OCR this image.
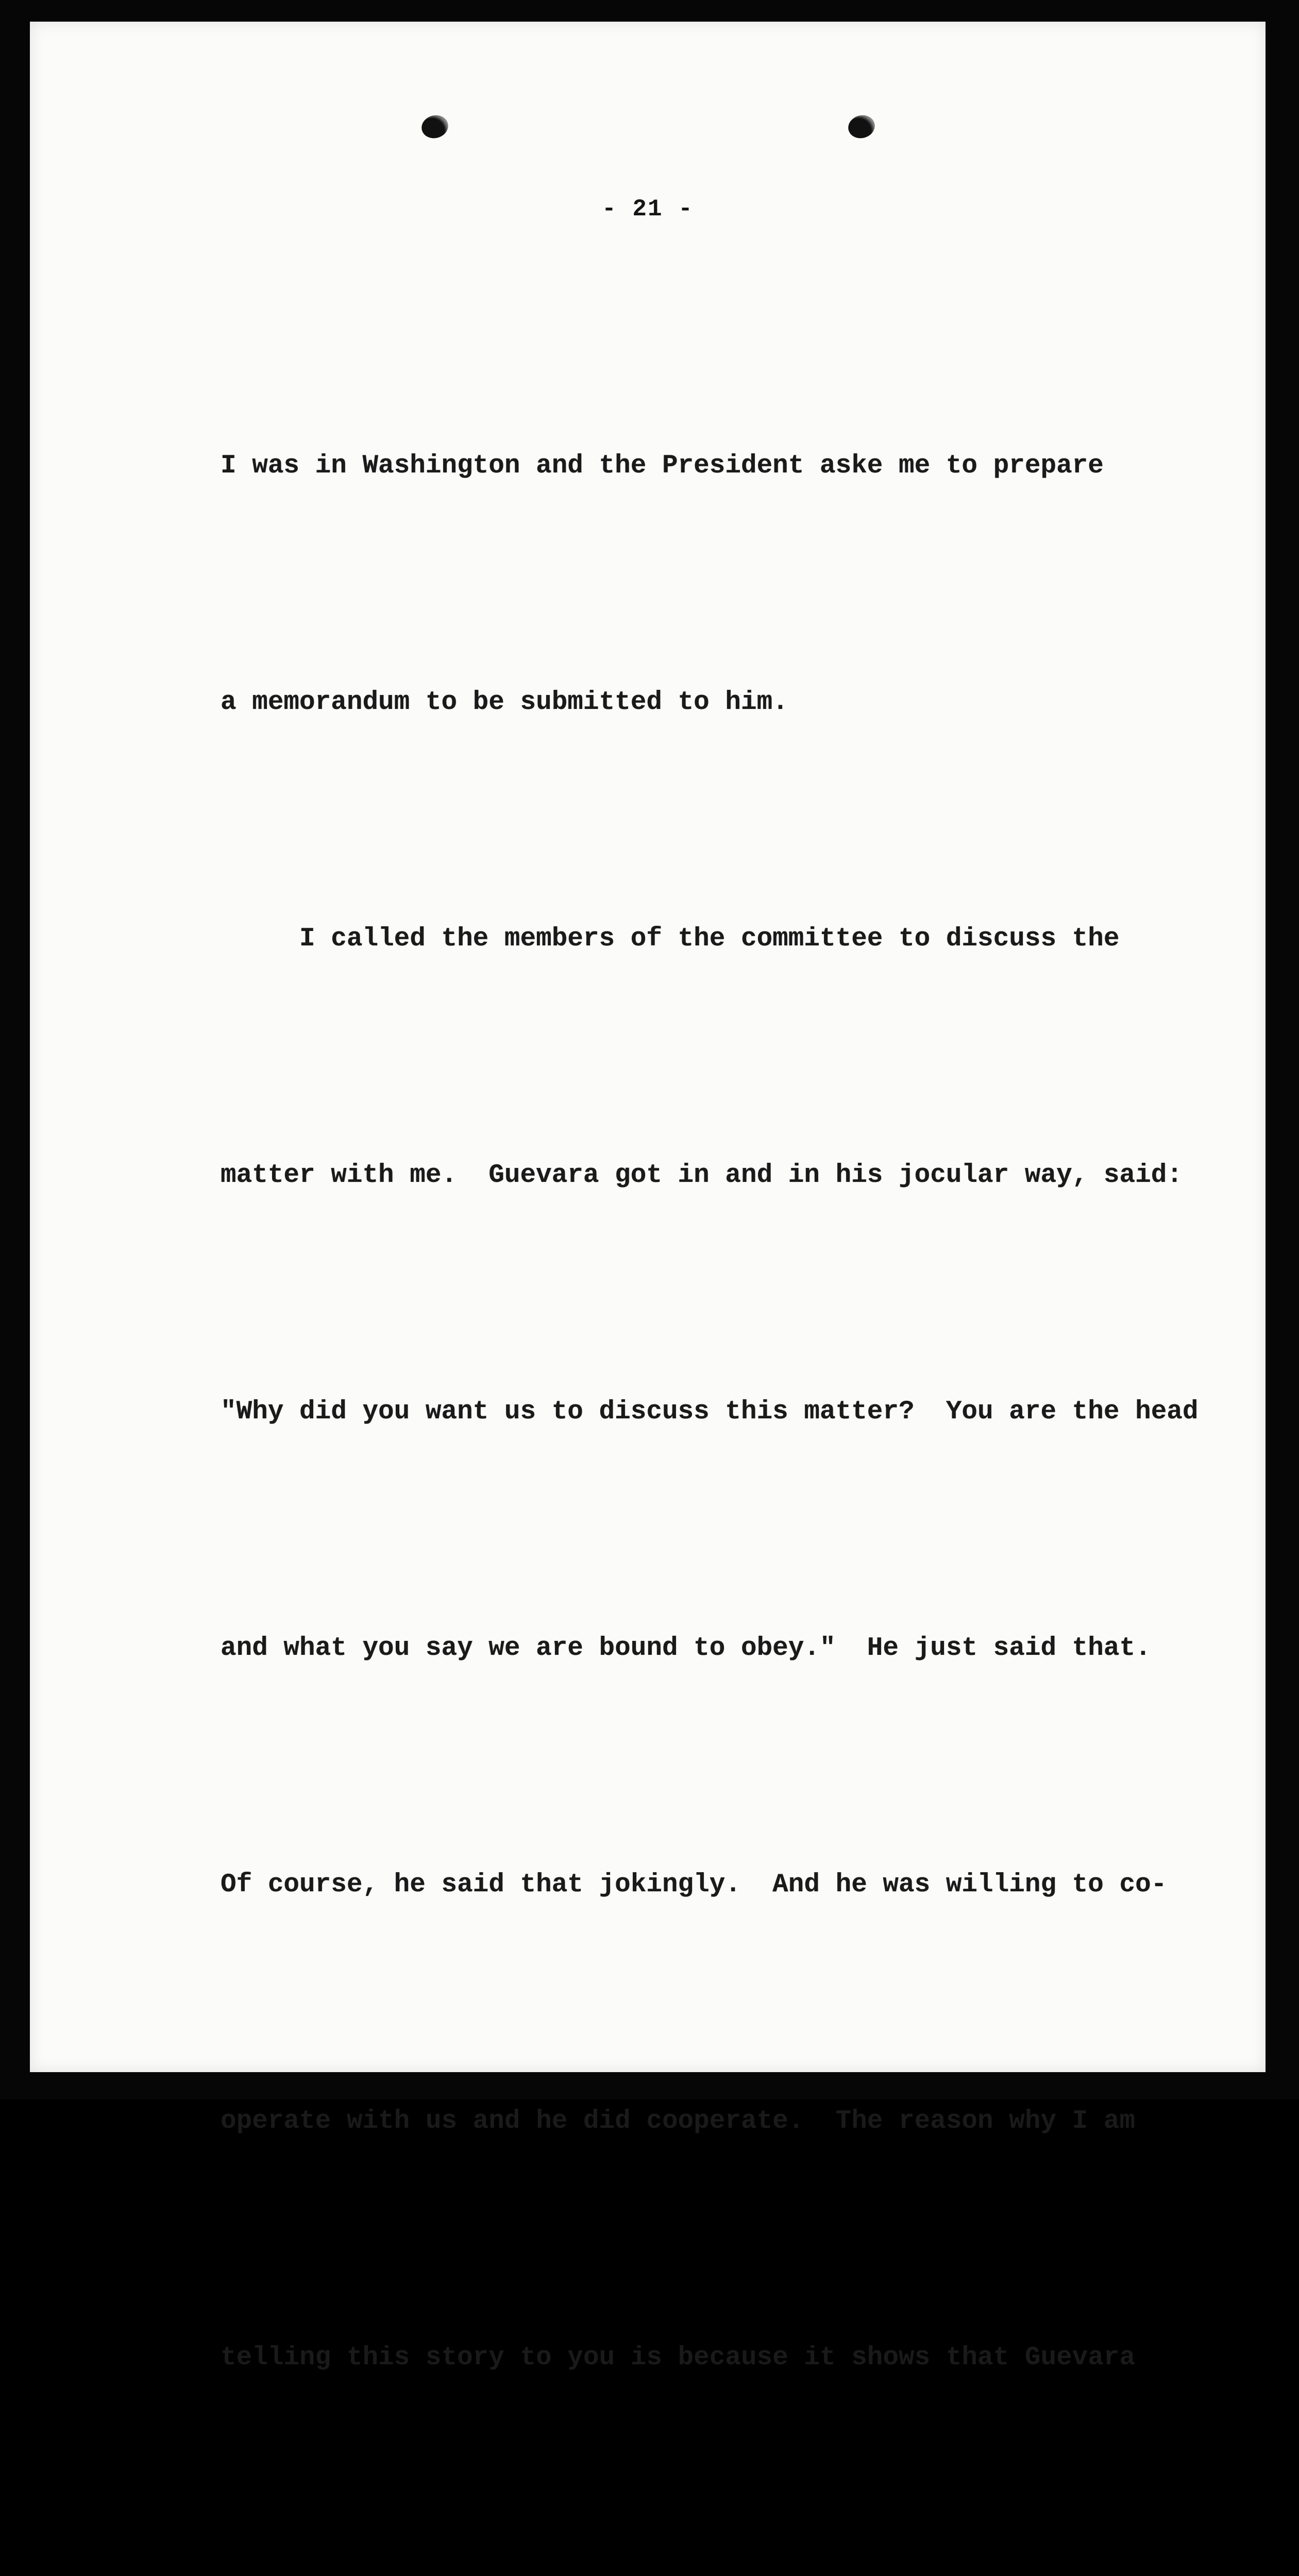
- 21 -

I was in Washington and the President aske me to prepare

a memorandum to be submitted to him.

I called the members of the committee to discuss the

matter with me.  Guevara got in and in his jocular way, said:

"Why did you want us to discuss this matter?  You are the head

and what you say we are bound to obey."  He just said that.

Of course, he said that jokingly.  And he was willing to co-

operate with us and he did cooperate.  The reason why I am

telling this story to you is because it shows that Guevara
